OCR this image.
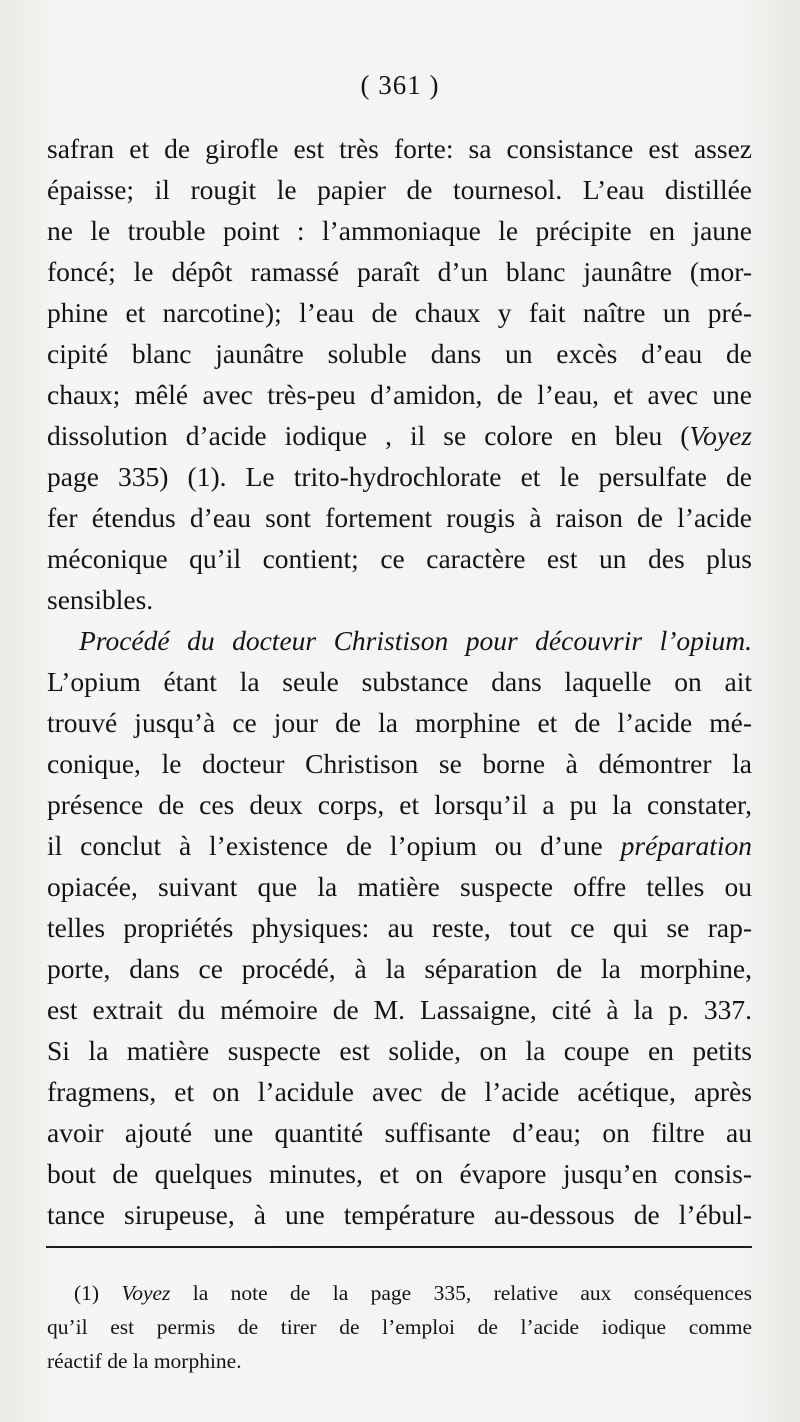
( 361 )
safran et de girofle est très forte: sa consistance est assez
épaisse; il rougit le papier de tournesol. L’eau distillée
ne le trouble point : l’ammoniaque le précipite en jaune
foncé; le dépôt ramassé paraît d’un blanc jaunâtre (mor-
phine et narcotine); l’eau de chaux y fait naître un pré-
cipité blanc jaunâtre soluble dans un excès d’eau de
chaux; mêlé avec très-peu d’amidon, de l’eau, et avec une
dissolution d’acide iodique , il se colore en bleu (Voyez
page 335) (1). Le trito-hydrochlorate et le persulfate de
fer étendus d’eau sont fortement rougis à raison de l’acide
méconique qu’il contient; ce caractère est un des plus
sensibles.
Procédé du docteur Christison pour découvrir l’opium.
L’opium étant la seule substance dans laquelle on ait
trouvé jusqu’à ce jour de la morphine et de l’acide mé-
conique, le docteur Christison se borne à démontrer la
présence de ces deux corps, et lorsqu’il a pu la constater,
il conclut à l’existence de l’opium ou d’une préparation
opiacée, suivant que la matière suspecte offre telles ou
telles propriétés physiques: au reste, tout ce qui se rap-
porte, dans ce procédé, à la séparation de la morphine,
est extrait du mémoire de M. Lassaigne, cité à la p. 337.
Si la matière suspecte est solide, on la coupe en petits
fragmens, et on l’acidule avec de l’acide acétique, après
avoir ajouté une quantité suffisante d’eau; on filtre au
bout de quelques minutes, et on évapore jusqu’en consis-
tance sirupeuse, à une température au-dessous de l’ébul-
(1) Voyez la note de la page 335, relative aux conséquences
qu’il est permis de tirer de l’emploi de l’acide iodique comme
réactif de la morphine.
